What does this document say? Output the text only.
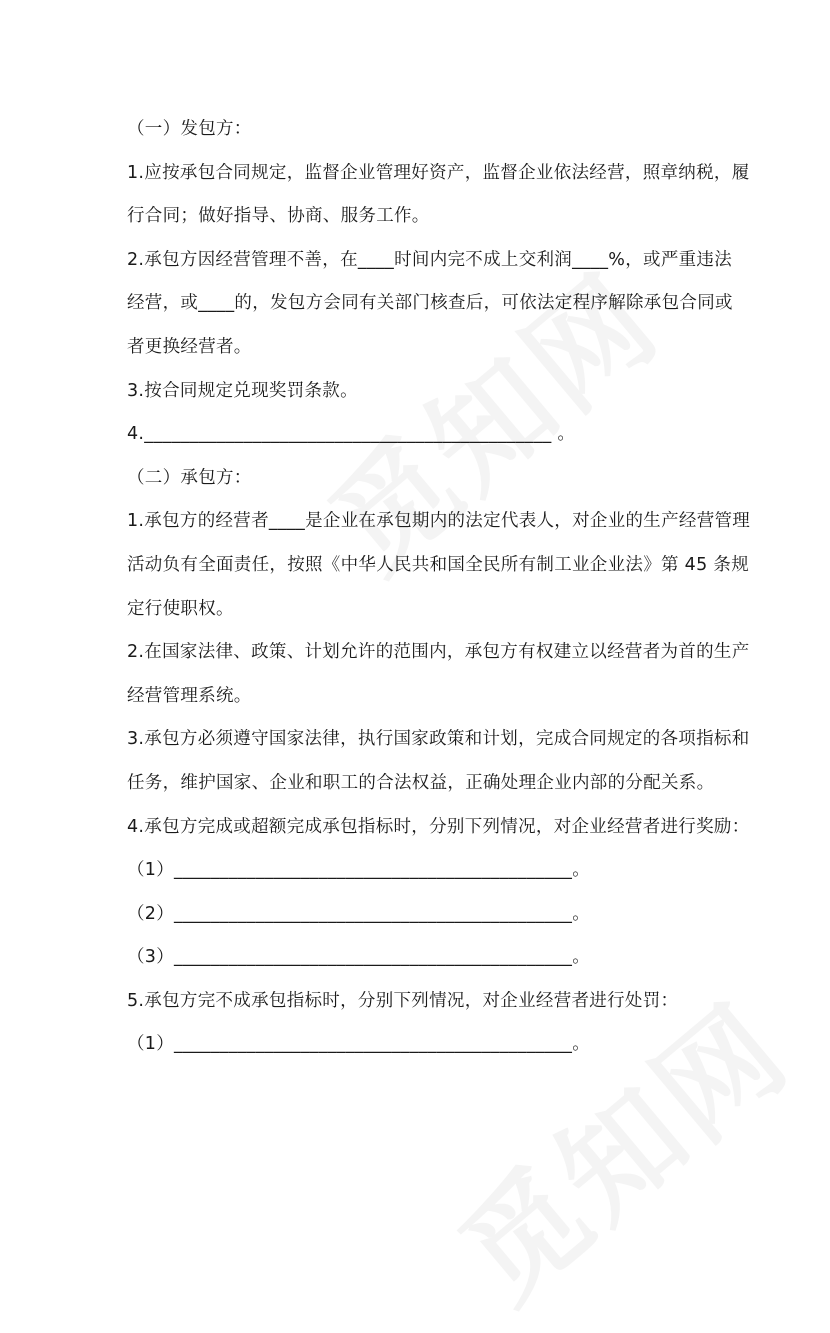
（一）发包方：
1.应按承包合同规定，监督企业管理好资产，监督企业依法经营，照章纳税，履
行合同；做好指导、协商、服务工作。
2.承包方因经营管理不善，在____时间内完不成上交利润____%，或严重违法
经营，或____的，发包方会同有关部门核查后，可依法定程序解除承包合同或
者更换经营者。
3.按合同规定兑现奖罚条款。
4._____________________________________________ 。
（二）承包方：
1.承包方的经营者____是企业在承包期内的法定代表人，对企业的生产经营管理
活动负有全面责任，按照《中华人民共和国全民所有制工业企业法》第 45 条规
定行使职权。
2.在国家法律、政策、计划允许的范围内，承包方有权建立以经营者为首的生产
经营管理系统。
3.承包方必须遵守国家法律，执行国家政策和计划，完成合同规定的各项指标和
任务，维护国家、企业和职工的合法权益，正确处理企业内部的分配关系。
4.承包方完成或超额完成承包指标时，分别下列情况，对企业经营者进行奖励：
（1）____________________________________________。
（2）____________________________________________。
（3）____________________________________________。
5.承包方完不成承包指标时，分别下列情况，对企业经营者进行处罚：
（1）____________________________________________。
